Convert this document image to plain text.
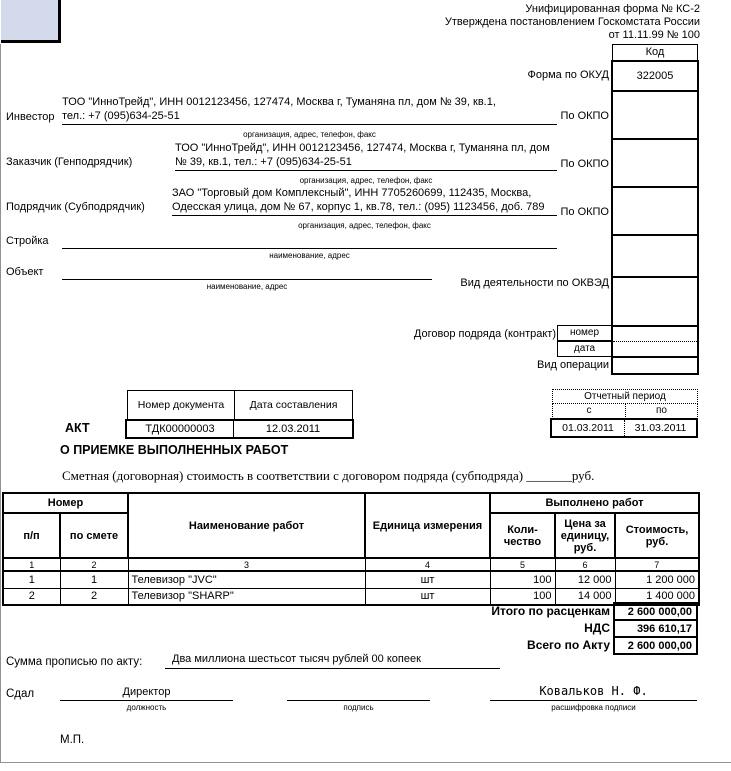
Унифицированная форма № КС-2
Утверждена постановлением Госкомстата России
от 11.11.99 № 100
Код
322005
Форма по ОКУД
По ОКПО
По ОКПО
По ОКПО
Вид деятельности по ОКВЭД
Договор подряда (контракт)	номер
дата
Вид операции
Инвестор
ТОО "ИнноТрейд", ИНН 0012123456, 127474, Москва г, Туманяна пл, дом № 39, кв.1,
тел.: +7 (095)634-25-51
организация, адрес, телефон, факс
Заказчик (Генподрядчик)
ТОО "ИнноТрейд", ИНН 0012123456, 127474, Москва г, Туманяна пл, дом
№ 39, кв.1, тел.: +7 (095)634-25-51
организация, адрес, телефон, факс
Подрядчик (Субподрядчик)
ЗАО "Торговый дом Комплексный", ИНН 7705260699, 112435, Москва,
Одесская улица, дом № 67, корпус 1, кв.78, тел.: (095) 1123456, доб. 789
организация, адрес, телефон, факс
Стройка
наименование, адрес
Объект
наименование, адрес
Номер документа	Дата составления
ТДК00000003	12.03.2011
АКТ
О ПРИЕМКЕ ВЫПОЛНЕННЫХ РАБОТ
Отчетный период
с	по
01.03.2011	31.03.2011
Сметная (договорная) стоимость в соответствии с договором подряда (субподряда) _______руб.
Номер		Наименование работ	Единица измерения	Выполнено работ		
п/п	по смете			Коли-чество	Цена за единицу, руб.	Стоимость, руб.
1	2	3	4	5	6	7
1	1	Телевизор "JVC"	шт	100	12 000	1 200 000
2	2	Телевизор "SHARP"	шт	100	14 000	1 400 000
Итого по расценкам	2 600 000,00
НДС	396 610,17
Всего по Акту	2 600 000,00
Сумма прописью по акту:	Два миллиона шестьсот тысяч рублей 00 копеек
Сдал	Директор
должность	подпись
Ковальков Н. Ф.
расшифровка подписи
М.П.
